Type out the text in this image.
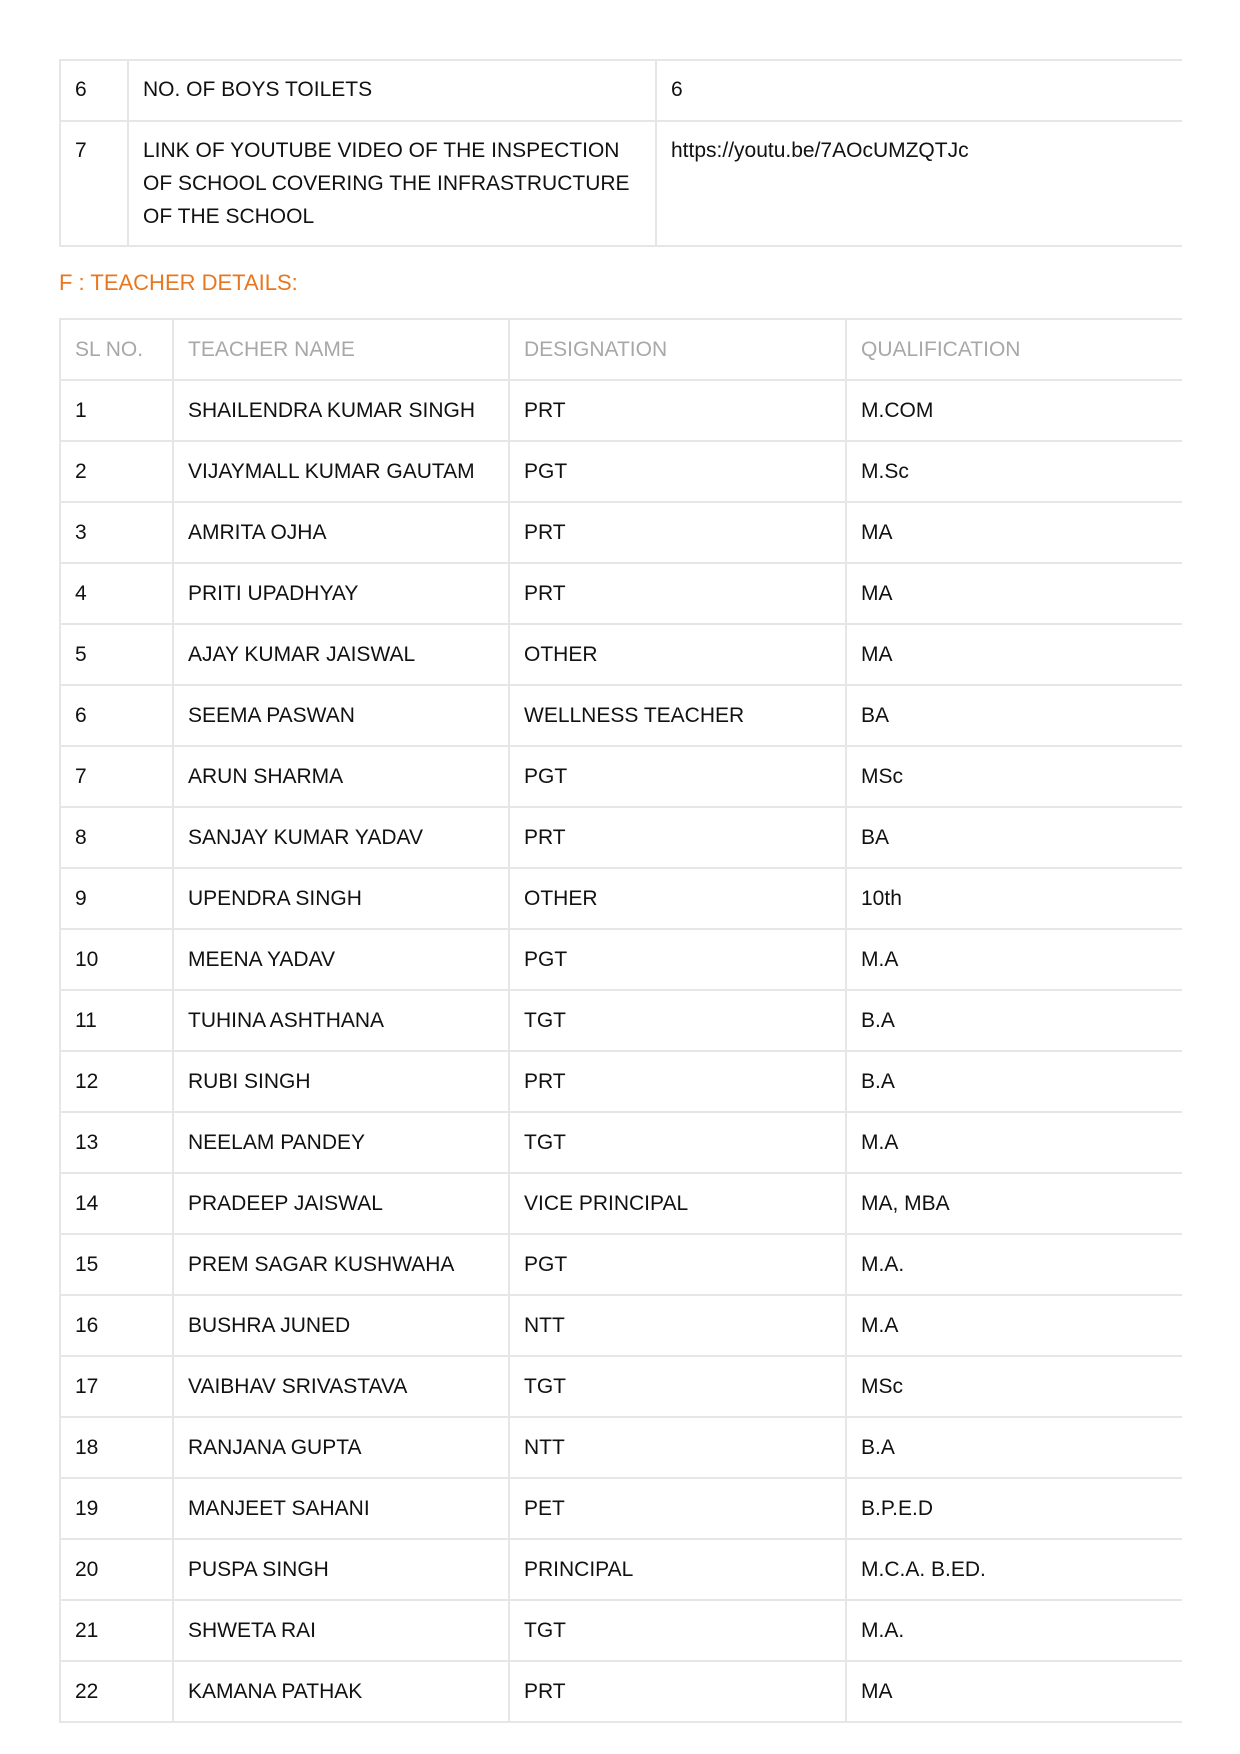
6	NO. OF BOYS TOILETS	6
7	LINK OF YOUTUBE VIDEO OF THE INSPECTION OF SCHOOL COVERING THE INFRASTRUCTURE OF THE SCHOOL	https://youtu.be/7AOcUMZQTJc
F : TEACHER DETAILS:
SL NO.	TEACHER NAME	DESIGNATION	QUALIFICATION
1	SHAILENDRA KUMAR SINGH	PRT	M.COM
2	VIJAYMALL KUMAR GAUTAM	PGT	M.Sc
3	AMRITA OJHA	PRT	MA
4	PRITI UPADHYAY	PRT	MA
5	AJAY KUMAR JAISWAL	OTHER	MA
6	SEEMA PASWAN	WELLNESS TEACHER	BA
7	ARUN SHARMA	PGT	MSc
8	SANJAY KUMAR YADAV	PRT	BA
9	UPENDRA SINGH	OTHER	10th
10	MEENA YADAV	PGT	M.A
11	TUHINA ASHTHANA	TGT	B.A
12	RUBI SINGH	PRT	B.A
13	NEELAM PANDEY	TGT	M.A
14	PRADEEP JAISWAL	VICE PRINCIPAL	MA, MBA
15	PREM SAGAR KUSHWAHA	PGT	M.A.
16	BUSHRA JUNED	NTT	M.A
17	VAIBHAV SRIVASTAVA	TGT	MSc
18	RANJANA GUPTA	NTT	B.A
19	MANJEET SAHANI	PET	B.P.E.D
20	PUSPA SINGH	PRINCIPAL	M.C.A. B.ED.
21	SHWETA RAI	TGT	M.A.
22	KAMANA PATHAK	PRT	MA
